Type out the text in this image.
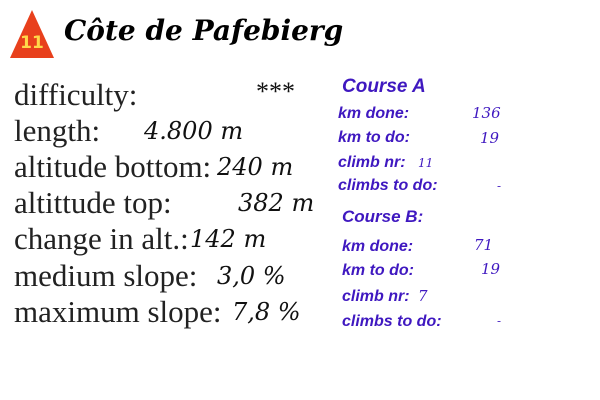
11 Côte de Pafebierg
difficulty:	***
length: 4.800 m
altitude bottom: 240 m
altittude top:	382 m
change in alt.: 142 m
medium slope: 3,0 %
maximum slope: 7,8 %
Course A
km done:	136
km to do:	19
climb nr: 11
climbs to do:	-
Course B:
km done:	71
km to do:	19
climb nr: 7
climbs to do:	-
